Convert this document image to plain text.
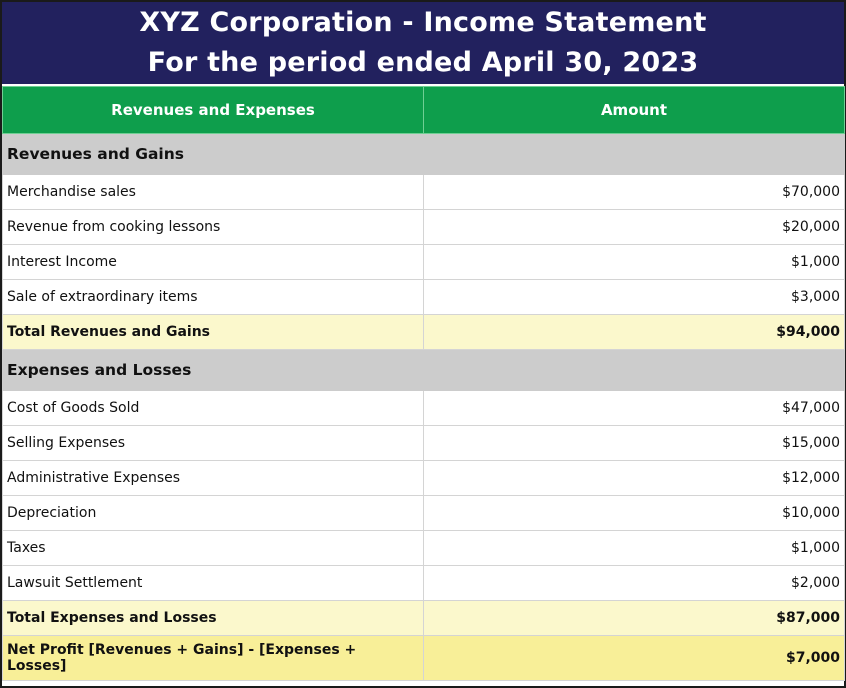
XYZ Corporation - Income Statement
For the period ended April 30, 2023
Revenues and Expenses	Amount
Revenues and Gains	
Merchandise sales	$70,000
Revenue from cooking lessons	$20,000
Interest Income	$1,000
Sale of extraordinary items	$3,000
Total Revenues and Gains	$94,000
Expenses and Losses	
Cost of Goods Sold	$47,000
Selling Expenses	$15,000
Administrative Expenses	$12,000
Depreciation	$10,000
Taxes	$1,000
Lawsuit Settlement	$2,000
Total Expenses and Losses	$87,000
Net Profit [Revenues + Gains] - [Expenses + Losses]	$7,000
